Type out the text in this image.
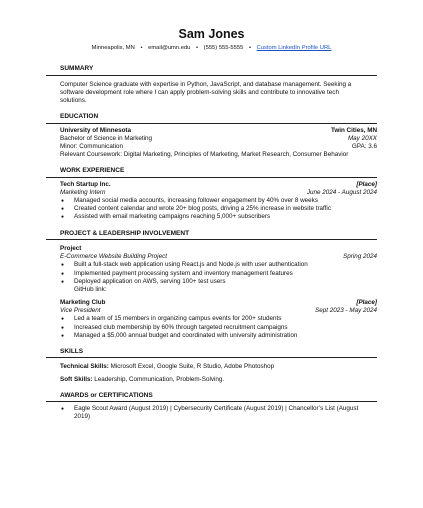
Sam Jones
Minneapolis, MN • email@umn.edu • (555) 555-5555 • Custom LinkedIn Profile URL
SUMMARY
Computer Science graduate with expertise in Python, JavaScript, and database management. Seeking a software development role where I can apply problem-solving skills and contribute to innovative tech solutions.
EDUCATION
University of Minnesota	Twin Cities, MN
Bachelor of Science in Marketing	May 20XX
Minor: Communication	GPA: 3.6
Relevant Coursework: Digital Marketing, Principles of Marketing, Market Research, Consumer Behavior
WORK EXPERIENCE
Tech Startup Inc.	[Place]
Marketing Intern	June 2024 - August 2024
● Managed social media accounts, increasing follower engagement by 40% over 8 weeks
● Created content calendar and wrote 20+ blog posts, driving a 25% increase in website traffic
● Assisted with email marketing campaigns reaching 5,000+ subscribers
PROJECT & LEADERSHIP INVOLVEMENT
Project
E-Commerce Website Building Project	Spring 2024
● Built a full-stack web application using React.js and Node.js with user authentication
● Implemented payment processing system and inventory management features
● Deployed application on AWS, serving 100+ test users
GitHub link:
Marketing Club	[Place]
Vice President	Sept 2023 - May 2024
● Led a team of 15 members in organizing campus events for 200+ students
● Increased club membership by 60% through targeted recruitment campaigns
● Managed a $5,000 annual budget and coordinated with university administration
SKILLS
Technical Skills: Microsoft Excel, Google Suite, R Studio, Adobe Photoshop
Soft Skills: Leadership, Communication, Problem-Solving.
AWARDS or CERTIFICATIONS
● Eagle Scout Award (August 2019) | Cybersecurity Certificate (August 2019) | Chancellor’s List (August 2019)
